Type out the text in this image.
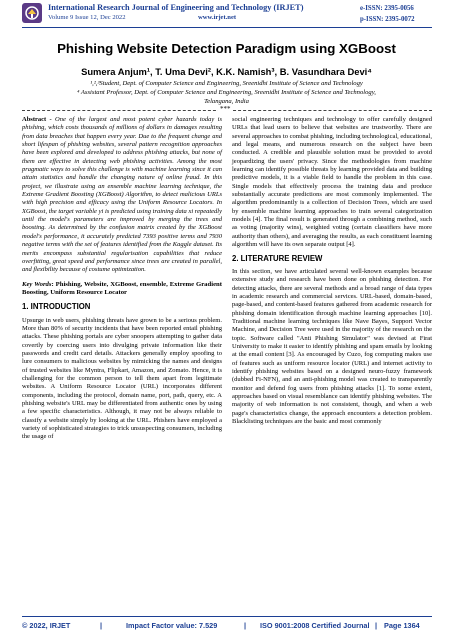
International Research Journal of Engineering and Technology (IRJET)
Volume 9 Issue 12, Dec 2022	www.irjet.net
e-ISSN: 2395-0056
p-ISSN: 2395-0072
Phishing Website Detection Paradigm using XGBoost
Sumera Anjum¹, T. Uma Devi², K.K. Namish³, B. Vasundhara Devi⁴
¹,²,³Student, Dept. of Computer Science and Engineering, Sreenidhi Institute of Science and Technology
⁴ Assistant Professor, Dept. of Computer Science and Engineering, Sreenidhi Institute of Science and Technology,
Telangana, India
***

Abstract - One of the largest and most potent cyber hazards today is phishing, which costs thousands of millions of dollars in damages resulting from data breaches that happen every year. Due to the frequent change and short lifespan of phishing websites, several pattern recognition approaches have been explored and developed to address phishing attacks, but none of them are effective in detecting web phishing activities. Among the most pragmatic ways to solve this challenge is with machine learning since it can attain statistics and handle the changing nature of online fraud. In this project, we illustrate using an ensemble machine learning technique, the Extreme Gradient Boosting (XGBoost) Algorithm, to detect malicious URLs with high precision and efficacy using the Uniform Resource Locators. In XGBoost, the target variable yi is predicted using training data xi repeatedly until the model's parameters are improved by merging the trees and boosting. As determined by the confusion matrix created by the XGBoost model's performance, it accurately predicted 7393 positive terms and 7930 negative terms with the set of features identified from the Kaggle dataset. Its merits encompass substantial regularisation capabilities that reduce overfitting, great speed and performance since trees are created in parallel, and flexibility because of costume optimization.

Key Words: Phishing, Website, XGBoost, ensemble, Extreme Gradient Boosting, Uniform Resource Locator

1. INTRODUCTION

Upsurge in web users, phishing threats have grown to be a serious problem. More than 80% of security incidents that have been reported entail phishing attacks. These phishing portals are cyber snoopers attempting to gather data covertly by coercing users into divulging private information like their passwords and credit card details. Attackers generally employ spoofing to lure consumers to malicious websites by mimicking the names and designs of trusted websites like Myntra, Flipkart, Amazon, and Zomato. Hence, it is challenging for the common person to tell them apart from legitimate websites. A Uniform Resource Locator (URL) incorporates different components, including the protocol, domain name, port, path, query, etc. A phishing website's URL may be differentiated from authentic ones by using a few specific characteristics. Although, it may not be always reliable to classify a website simply by looking at the URL. Phishers have employed a variety of sophisticated strategies to trick unsuspecting consumers, including the usage of

social engineering techniques and technology to offer carefully designed URLs that lead users to believe that websites are trustworthy. There are several approaches to combat phishing, including technological, educational, and legal means, and numerous research on the subject have been conducted. A credible and plausible solution must be provided to avoid jeopardizing the users' privacy. Since the methodologies from machine learning can identify possible threats by learning provided data and building predictive models, it is a viable field to handle the problem in this case. Single models that effectively process the training data and produce substantially accurate predictions are most commonly implemented. The algorithm predominantly is a collection of Decision Trees, which are used by ensemble machine learning approaches to train several categorization models [4]. The final result is generated through a combining method, such as voting (majority wins), weighted voting (certain classifiers have more authority than others), and averaging the results, as each constituent learning algorithm will have its own separate output [4].

2. LITERATURE REVIEW

In this section, we have articulated several well-known examples because extensive study and research have been done on phishing detection. For detecting attacks, there are several methods and a broad range of data types in academic research and commercial services. URL-based, domain-based, page-based, and content-based features gathered from academic research for phishing domain identification through machine learning approaches [10]. Traditional machine learning techniques like Nave Bayes, Support Vector Machine, and Decision Tree were used in the majority of the research on the topic. Software called "Anti Phishing Simulator" was devised at Firat University to make it easier to identify phishing and spam emails by looking at the email content [3]. As encouraged by Cuzo, fog computing makes use of features such as uniform resource locator (URL) and internet activity to identify phishing websites based on a designed neuro-fuzzy framework (dubbed Fi-NFN), and an anti-phishing model was created to transparently monitor and defend fog users from phishing attacks [1]. To some extent, approaches based on visual resemblance can identify phishing websites. The majority of web information is not consistent, though, and when a web page's characteristics change, the approach encounters a detection problem. Blacklisting techniques are the basic and most commonly

© 2022, IRJET	|	Impact Factor value: 7.529	| ISO 9001:2008 Certified Journal | Page 1364
